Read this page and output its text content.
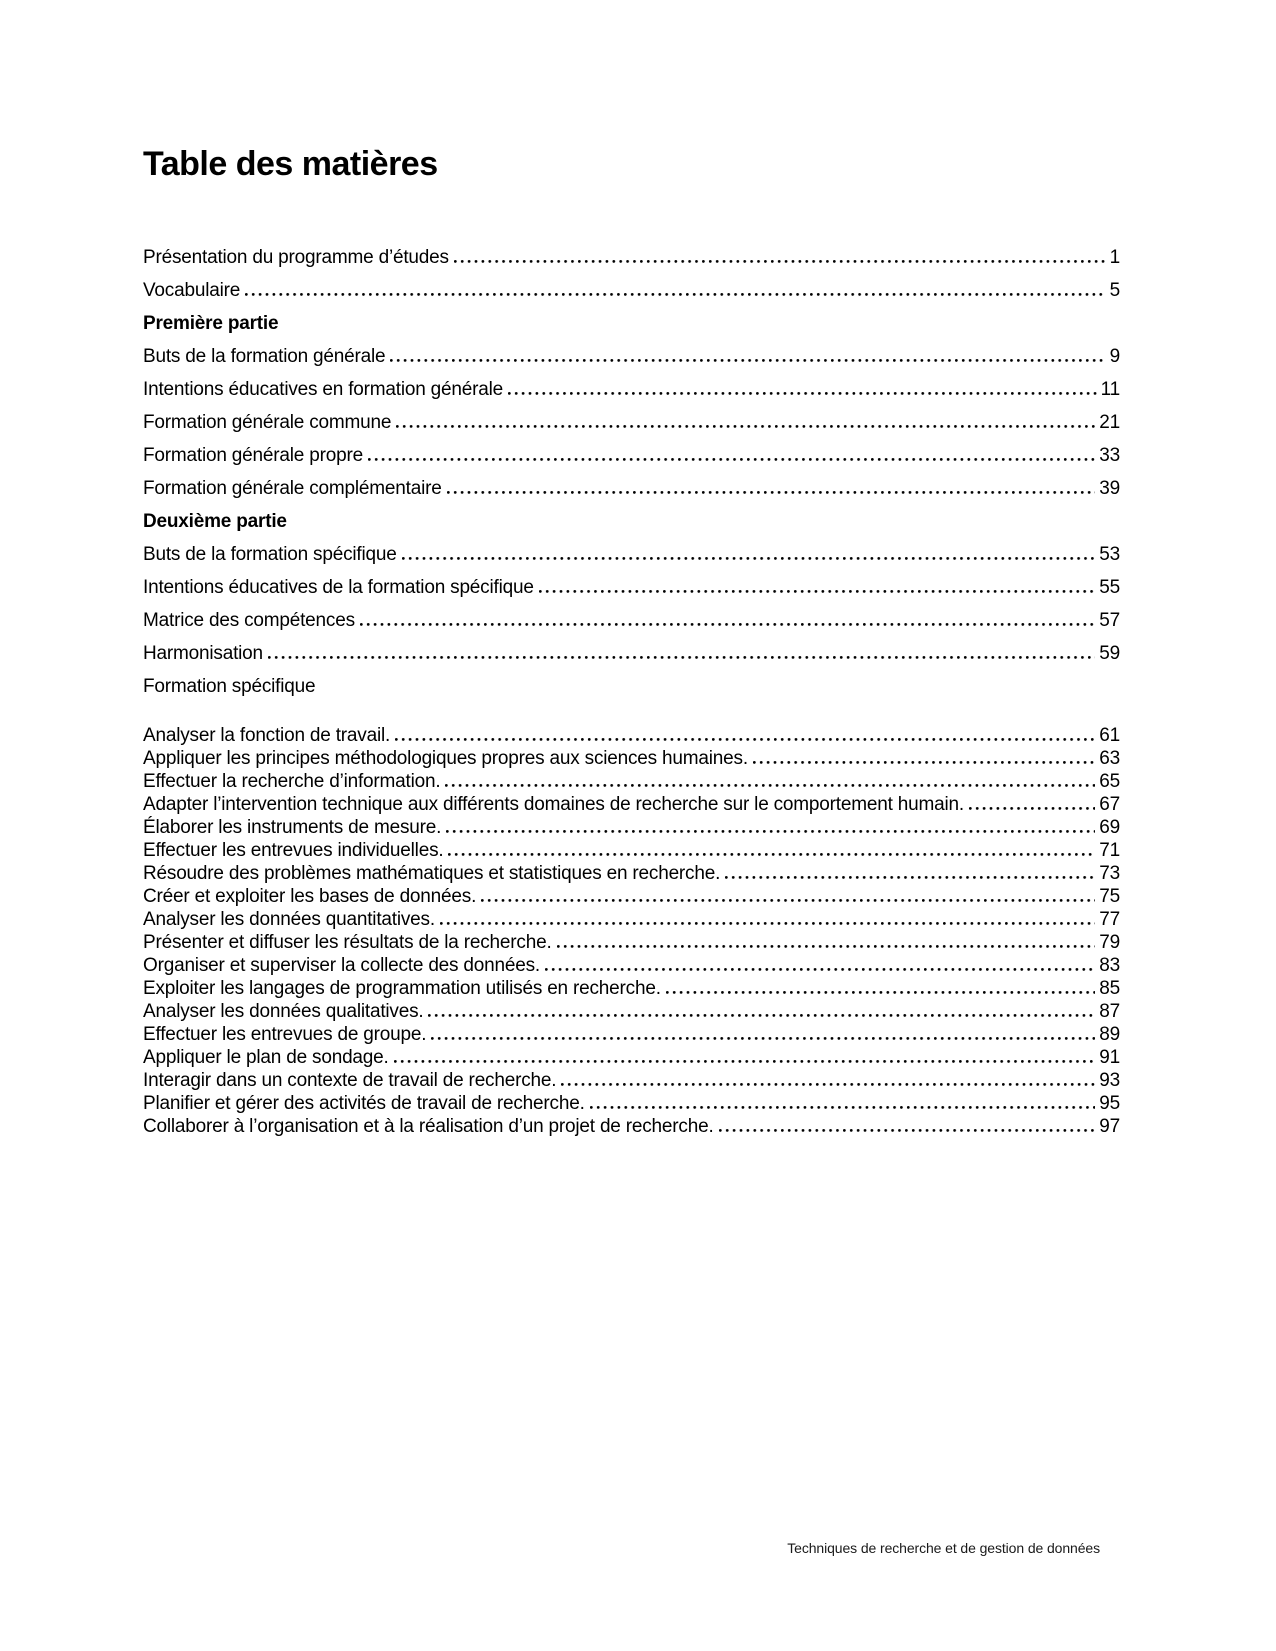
Table des matières
Présentation du programme d’études	1
Vocabulaire	5
Première partie
Buts de la formation générale	9
Intentions éducatives en formation générale	11
Formation générale commune	21
Formation générale propre	33
Formation générale complémentaire	39
Deuxième partie
Buts de la formation spécifique	53
Intentions éducatives de la formation spécifique	55
Matrice des compétences	57
Harmonisation	59
Formation spécifique
Analyser la fonction de travail.	61
Appliquer les principes méthodologiques propres aux sciences humaines.	63
Effectuer la recherche d’information.	65
Adapter l’intervention technique aux différents domaines de recherche sur le comportement humain.	67
Élaborer les instruments de mesure.	69
Effectuer les entrevues individuelles.	71
Résoudre des problèmes mathématiques et statistiques en recherche.	73
Créer et exploiter les bases de données.	75
Analyser les données quantitatives.	77
Présenter et diffuser les résultats de la recherche.	79
Organiser et superviser la collecte des données.	83
Exploiter les langages de programmation utilisés en recherche.	85
Analyser les données qualitatives.	87
Effectuer les entrevues de groupe.	89
Appliquer le plan de sondage.	91
Interagir dans un contexte de travail de recherche.	93
Planifier et gérer des activités de travail de recherche.	95
Collaborer à l’organisation et à la réalisation d’un projet de recherche.	97
Techniques de recherche et de gestion de données
